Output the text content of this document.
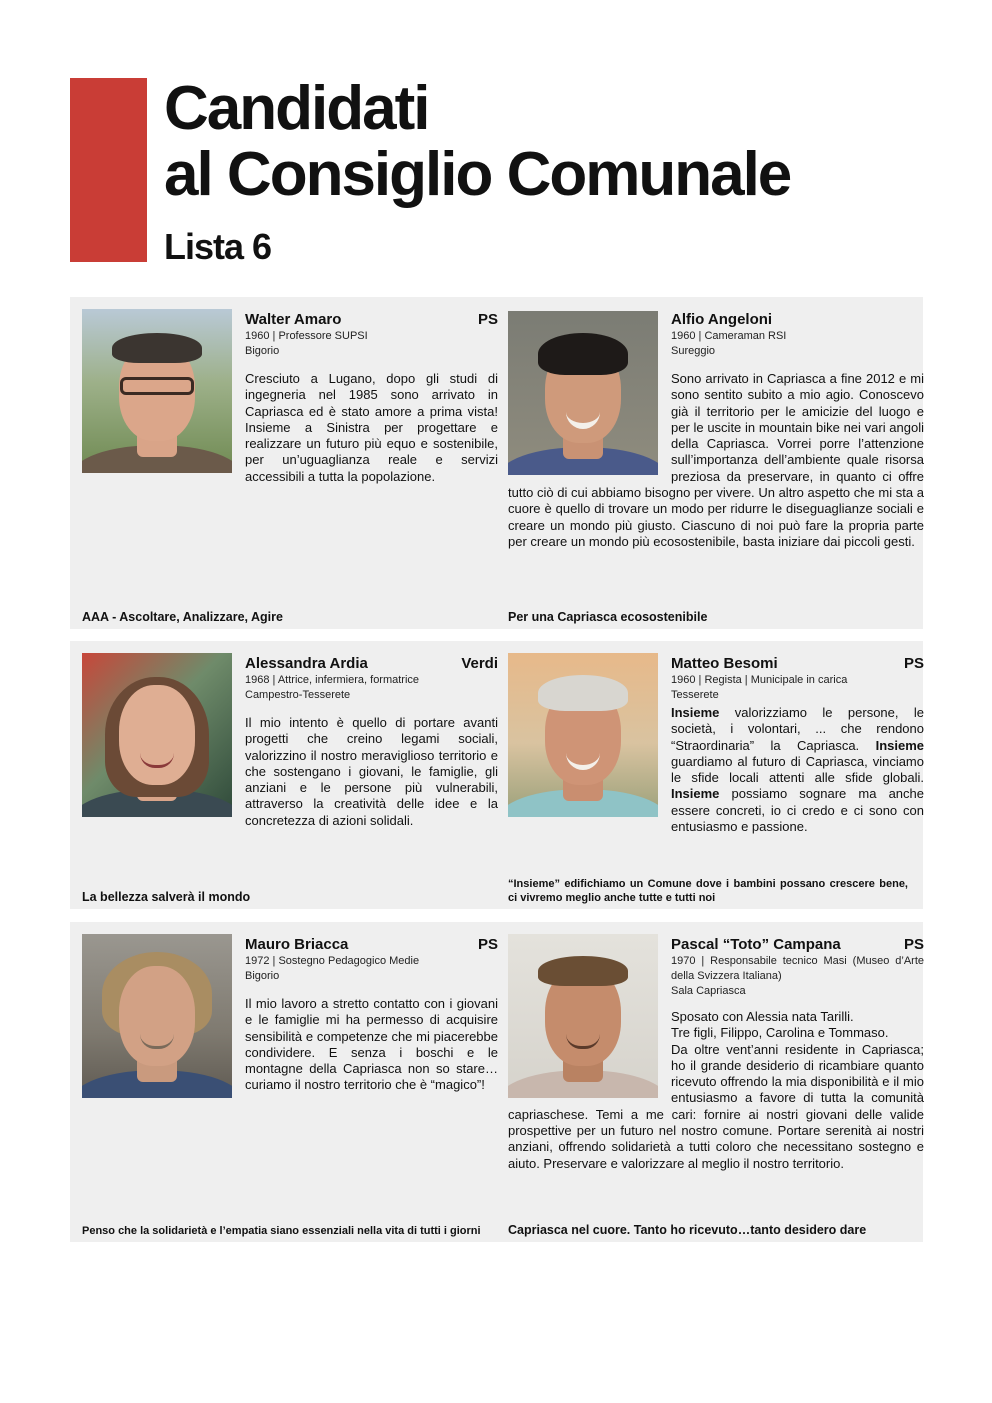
Candidati
al Consiglio Comunale
Lista 6
Walter Amaro	PS
1960 | Professore SUPSI
Bigorio
Cresciuto a Lugano, dopo gli studi di ingegneria nel 1985 sono arrivato in Capriasca ed è stato amore a prima vista! Insieme a Sinistra per progettare e realizzare un futuro più equo e sostenibile, per un’uguaglianza reale e servizi accessibili a tutta la popolazione.
AAA - Ascoltare, Analizzare, Agire
Alfio Angeloni
1960 | Cameraman RSI
Sureggio
Sono arrivato in Capriasca a fine 2012 e mi sono sentito subito a mio agio. Conoscevo già il territorio per le amicizie del luogo e per le uscite in mountain bike nei vari angoli della Capriasca. Vorrei porre l’attenzione sull’importanza dell’ambiente quale risorsa preziosa da preservare, in quanto ci offre tutto ciò di cui abbiamo bisogno per vivere. Un altro aspetto che mi sta a cuore è quello di trovare un modo per ridurre le diseguaglianze sociali e creare un mondo più giusto. Ciascuno di noi può fare la propria parte per creare un mondo più ecosostenibile, basta iniziare dai piccoli gesti.
Per una Capriasca ecosostenibile
Alessandra Ardia	Verdi
1968 | Attrice, infermiera, formatrice
Campestro-Tesserete
Il mio intento è quello di portare avanti progetti che creino legami sociali, valorizzino il nostro meraviglioso territorio e che sostengano i giovani, le famiglie, gli anziani e le persone più vulnerabili, attraverso la creatività delle idee e la concretezza di azioni solidali.
La bellezza salverà il mondo
Matteo Besomi	PS
1960 | Regista | Municipale in carica
Tesserete
Insieme valorizziamo le persone, le società, i volontari, ... che rendono “Straordinaria” la Capriasca. Insieme guardiamo al futuro di Capriasca, vinciamo le sfide locali attenti alle sfide globali. Insieme possiamo sognare ma anche essere concreti, io ci credo e ci sono con entusiasmo e passione.
“Insieme” edifichiamo un Comune dove i bambini possano crescere bene, ci vivremo meglio anche tutte e tutti noi
Mauro Briacca	PS
1972 | Sostegno Pedagogico Medie
Bigorio
Il mio lavoro a stretto contatto con i giovani e le famiglie mi ha permesso di acquisire sensibilità e competenze che mi piacerebbe condividere. E senza i boschi e le montagne della Capriasca non so stare… curiamo il nostro territorio che è “magico”!
Penso che la solidarietà e l’empatia siano essenziali nella vita di tutti i giorni
Pascal “Toto” Campana	PS
1970 | Responsabile tecnico Masi (Museo d’Arte della Svizzera Italiana)
Sala Capriasca
Sposato con Alessia nata Tarilli.
Tre figli, Filippo, Carolina e Tommaso.
Da oltre vent’anni residente in Capriasca; ho il grande desiderio di ricambiare quanto ricevuto offrendo la mia disponibilità e il mio entusiasmo a favore di tutta la comunità capriaschese. Temi a me cari: fornire ai nostri giovani delle valide prospettive per un futuro nel nostro comune. Portare serenità ai nostri anziani, offrendo solidarietà a tutti coloro che necessitano sostegno e aiuto. Preservare e valorizzare al meglio il nostro territorio.
Capriasca nel cuore. Tanto ho ricevuto…tanto desidero dare
